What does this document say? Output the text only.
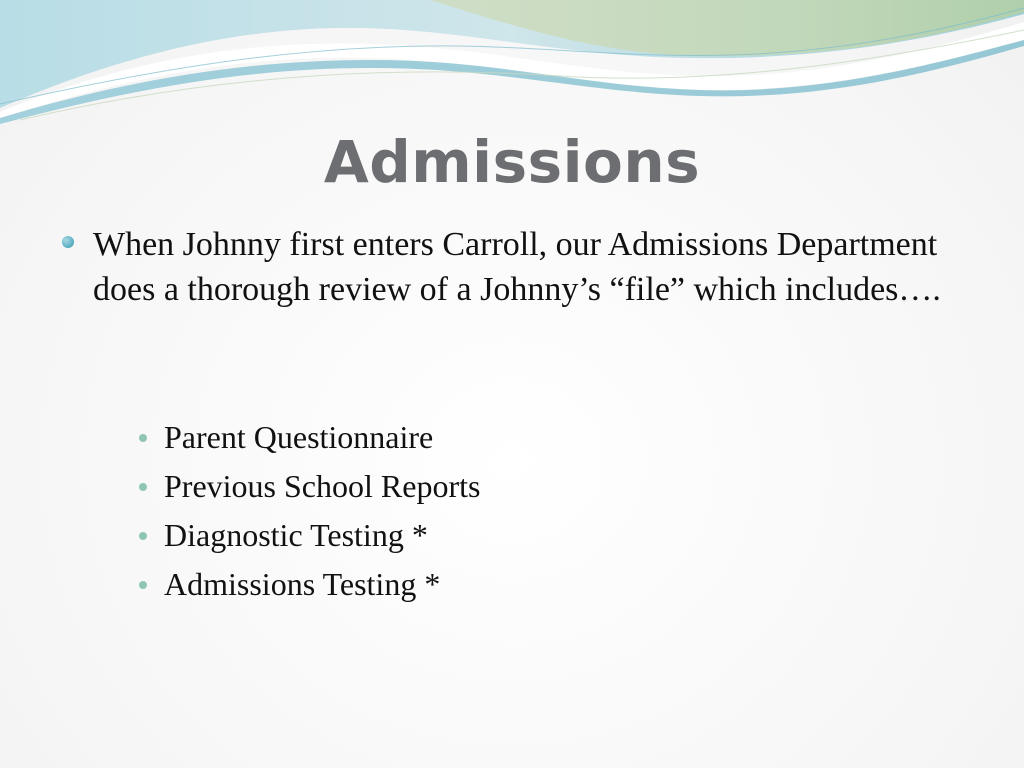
Admissions
When Johnny first enters Carroll, our Admissions Department does a thorough review of a Johnny’s “file” which includes….
Parent Questionnaire
Previous School Reports
Diagnostic Testing *
Admissions Testing *
